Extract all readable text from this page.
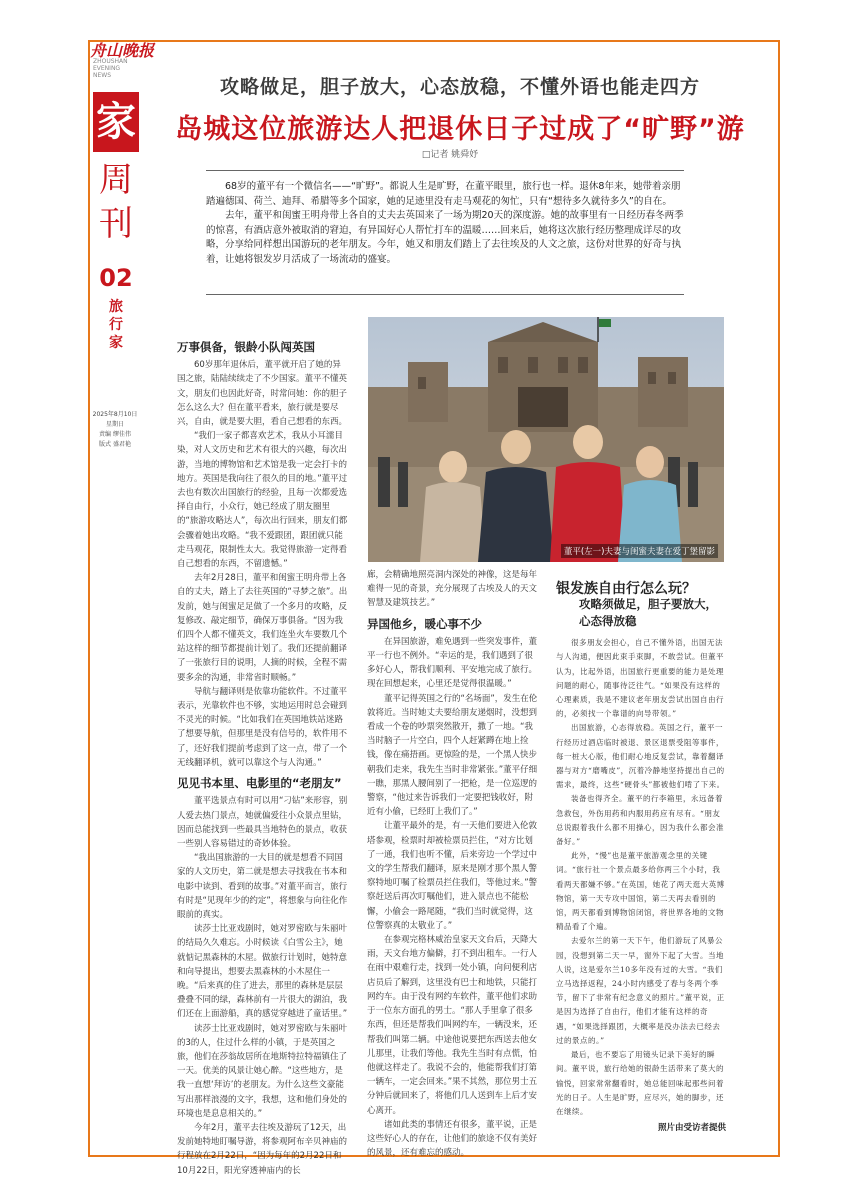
舟山晚报
ZHOUSHAN EVENING NEWS
家
周
刊
02
旅行家
2025年8月10日
星期日
责编 缪佳伟
版式 盛君艳
攻略做足，胆子放大，心态放稳，不懂外语也能走四方
岛城这位旅游达人把退休日子过成了“旷野”游
□记者 姚舜妤

68岁的董平有一个微信名——“旷野”。都说人生是旷野，在董平眼里，旅行也一样。退休8年来，她带着亲朋踏遍德国、荷兰、迪拜、希腊等多个国家，她的足迹里没有走马观花的匆忙，只有“想待多久就待多久”的自在。

去年，董平和闺蜜王明舟带上各自的丈夫去英国来了一场为期20天的深度游。她的故事里有一日经历春冬两季的惊喜，有酒店意外被取消的窘迫，有异国好心人帮忙打车的温暖……回来后，她将这次旅行经历整理成详尽的攻略，分享给同样想出国游玩的老年朋友。今年，她又和朋友们踏上了去往埃及的人文之旅，这份对世界的好奇与执着，让她将银发岁月活成了一场流动的盛宴。

万事俱备，银龄小队闯英国

60岁那年退休后，董平就开启了她的异国之旅，陆陆续续走了不少国家。董平不懂英文，朋友们也因此好奇，时常问她：你的胆子怎么这么大？但在董平看来，旅行就是要尽兴，自由，就是要大胆，看自己想看的东西。

“我们一家子都喜欢艺术，我从小耳濡目染，对人文历史和艺术有很大的兴趣，每次出游，当地的博物馆和艺术馆是我一定会打卡的地方。英国是我向往了很久的目的地。”董平过去也有数次出国旅行的经验，且每一次都爱选择自由行，小众行，她已经成了朋友圈里的“旅游攻略达人”，每次出行回来，朋友们都会骤着她出攻略。“我不爱跟团，跟团就只能走马观花，限制性太大。我觉得旅游一定得看自己想看的东西，不留遗憾。”

去年2月28日，董平和闺蜜王明舟带上各自的丈夫，踏上了去往英国的“寻梦之旅”。出发前，她与闺蜜足足做了一个多月的攻略，反复修改、敲定细节，确保万事俱备。“因为我们四个人都不懂英文，我们连坐火车要数几个站这样的细节都提前计划了。我们还提前翻译了一张旅行目的说明，人摘的时候，全程不需要多余的沟通，非常省时顺畅。”

导航与翻译则是依靠功能软件。不过董平表示，光靠软件也不够，实地运用时总会碰到不灵光的时候。“比如我们在英国地铁站迷路了想要导航，但那里是没有信号的，软件用不了，还好我们提前考虑到了这一点，带了一个无线翻译机，就可以靠这个与人沟通。”

见见书本里、电影里的“老朋友”

董平选景点有时可以用“刁钻”来形容，别人爱去热门景点，她就偏爱往小众景点里钻，因而总能找到一些最具当地特色的景点，收获一些别人容易错过的奇妙体验。

“我出国旅游的一大目的就是想看不同国家的人文历史，第二就是想去寻找我在书本和电影中读到、看到的故事。”对董平而言，旅行有时是“见现年少的约定”，将想象与向往化作眼前的真实。

读莎士比亚戏剧时，她对罗密欧与朱丽叶的结局久久难忘。小时候读《白雪公主》，她就惦记黑森林的木屋。做旅行计划时，她特意和向导提出，想要去黑森林的小木屋住一晚。“后来真的住了进去，那里的森林是层层叠叠不同的绿，森林前有一片很大的湖泊，我们还在上面游船，真的感觉穿越进了童话里。”

读莎士比亚戏剧时，她对罗密欧与朱丽叶的3的人，住过什么样的小镇，于是英国之旅，他们在莎翁故居所在地斯特拉特福镇住了一天。优美的风景让她心醉。“这些地方，是我一直想‘拜访’的老朋友。为什么这些文豪能写出那样浪漫的文字，我想，这和他们身处的环境也是息息相关的。”

今年2月，董平去往埃及游玩了12天，出发前她特地盯嘱导游，将参观阿布辛贝神庙的行程放在2月22日，“因为每年的2月22日和10月22日，阳光穿透神庙内的长

董平(左一)夫妻与闺蜜夫妻在爱丁堡留影

廊，会精确地照亮洞内深处的神像，这是每年难得一见的奇景，充分展现了古埃及人的天文智慧及建筑技艺。”

异国他乡，暖心事不少

在异国旅游，难免遇到一些突发事件，董平一行也不例外。“幸运的是，我们遇到了很多好心人，帮我们顺利、平安地完成了旅行。现在回想起来，心里还是觉得很温暖。”

董平记得英国之行的“名场面”，发生在伦敦将近。当时她丈夫要给朋友递烟时，没想到看成一个卷的吵票突然散开，撒了一地。“我当时脑子一片空白，四个人赶紧蹲在地上捡钱，像在痛捂画。更惊险的是，一个黑人快步朝我们走来，我先生当时非常紧张。”董平仔细一瞧，那黑人腰间别了一把枪，是一位巡逻的警察，“他过来告诉我们一定要把钱收好，附近有小偷，已经盯上我们了。”

让董平最外的是，有一天他们要进入伦敦塔参观，检票时却被检票员拦住，“对方比划了一通，我们也听不懂，后来旁边一个学过中文的学生帮我们翻译，原来是刚才那个黑人警察特地叮嘱了检票员拦住我们，等他过来。”警察赶送后再次叮嘱他们，进入景点也不能松懈，小偷会一路尾随，“我们当时就觉得，这位警察真的太敬业了。”

在参观完格林威治皇家天文台后，天降大雨，天文台地方偏僻，打不到出租车。一行人在雨中艰难行走，找到一处小镇，向问便利店店员后了解到，这里没有巴士和地铁，只能打网约车。由于没有网约车软件，董平他们求助于一位东方面孔的男士。“那人手里拿了很多东西，但还是帮我们叫网约车，一辆没来，还帮我们叫第二辆。中途他说要把东西送去他女儿那里，让我们等他。我先生当时有点慌，怕他就这样走了。我说不会的，他能帮我们打第一辆车，一定会回来。”果不其然，那位男士五分钟后就回来了，将他们几人送到车上后才安心离开。

诸如此类的事情还有很多，董平说，正是这些好心人的存在，让他们的旅途不仅有美好的风景，还有难忘的感动。

银发族自由行怎么玩？
攻略须做足，胆子要放大，心态得放稳

很多朋友会担心，自己不懂外语，出国无法与人沟通，便因此束手束脚，不敢尝试。但董平认为，比起外语，出国旅行更重要的能力是处理问题的耐心，随事待泛往气。“如果没有这样的心理素质，我是不建议老年朋友尝试出国自由行的，必须找一个靠谱的向导带领。”

出国旅游，心态得放稳。英国之行，董平一行经历过酒店临时被退、景区退票受阻等事件，每一桩大心版，他们耐心地反复尝试，靠着翻译器与对方“磨嘴皮”，沉着冷静地坚持提出自己的需求，最终，这些“硬骨头”都被他们啃了下来。

装备也得齐全。董平的行李箱里，永远备着急救包，外伤用药和内服用药应有尽有。“朋友总说跟着我什么都不用操心，因为我什么都会准备好。”

此外，“慢”也是董平旅游观念里的关键词。“旅行社一个景点最多给你两三个小时，我看两天都嫌不够。”在英国，她花了两天逛大英博物馆，第一天专攻中国馆，第二天再去看别的馆，两天都看到博物馆闭馆，将世界各地的文物精品看了个遍。

去爱尔兰的第一天下午，他们游玩了风暴公园，没想到第二天一早，窗外下起了大雪。当地人说，这是爱尔兰10多年没有过的大雪。“我们立马选择返程，24小时内感受了春与冬两个季节，留下了非常有纪念意义的照片。”董平说，正是因为选择了自由行，他们才能有这样的奇遇，“如果选择跟团，大概率是没办法去已经去过的景点的。”

最后，也不要忘了用镜头记录下美好的瞬间。董平说，旅行给她的银龄生活带来了莫大的愉悦，回家常常翻看时，她总能回味起那些问着光的日子。人生是旷野，应尽兴，她的脚步，还在继续。

照片由受访者提供
